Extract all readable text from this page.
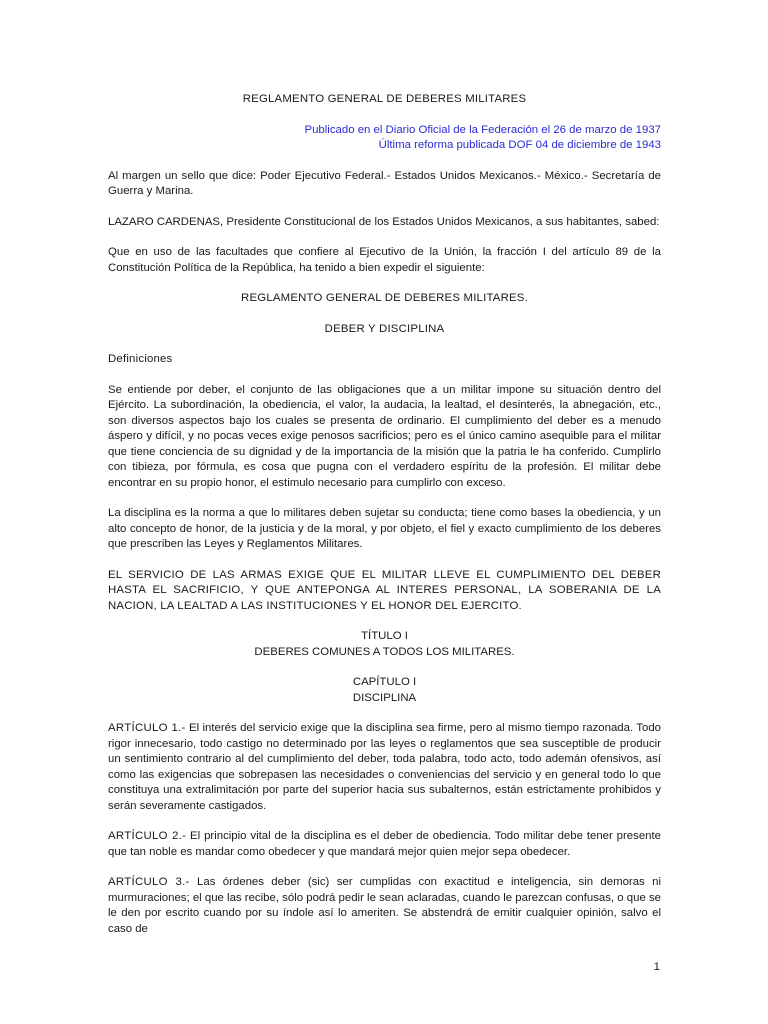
REGLAMENTO GENERAL DE DEBERES MILITARES

Publicado en el Diario Oficial de la Federación el 26 de marzo de 1937

Última reforma publicada DOF 04 de diciembre de 1943

Al margen un sello que dice: Poder Ejecutivo Federal.- Estados Unidos Mexicanos.- México.- Secretaría de Guerra y Marina.

LAZARO CARDENAS, Presidente Constitucional de los Estados Unidos Mexicanos, a sus habitantes, sabed:

Que en uso de las facultades que confiere al Ejecutivo de la Unión, la fracción I del artículo 89 de la Constitución Política de la República, ha tenido a bien expedir el siguiente:

REGLAMENTO GENERAL DE DEBERES MILITARES.

DEBER Y DISCIPLINA

Definiciones

Se entiende por deber, el conjunto de las obligaciones que a un militar impone su situación dentro del Ejército. La subordinación, la obediencia, el valor, la audacia, la lealtad, el desinterés, la abnegación, etc., son diversos aspectos bajo los cuales se presenta de ordinario. El cumplimiento del deber es a menudo áspero y difícil, y no pocas veces exige penosos sacrificios; pero es el único camino asequible para el militar que tiene conciencia de su dignidad y de la importancia de la misión que la patria le ha conferido. Cumplirlo con tibieza, por fórmula, es cosa que pugna con el verdadero espíritu de la profesión. El militar debe encontrar en su propio honor, el estimulo necesario para cumplirlo con exceso.

La disciplina es la norma a que lo militares deben sujetar su conducta; tiene como bases la obediencia, y un alto concepto de honor, de la justicia y de la moral, y por objeto, el fiel y exacto cumplimiento de los deberes que prescriben las Leyes y Reglamentos Militares.

EL SERVICIO DE LAS ARMAS EXIGE QUE EL MILITAR LLEVE EL CUMPLIMIENTO DEL DEBER HASTA EL SACRIFICIO, Y QUE ANTEPONGA AL INTERES PERSONAL, LA SOBERANIA DE LA NACION, LA LEALTAD A LAS INSTITUCIONES Y EL HONOR DEL EJERCITO.

TÍTULO I

DEBERES COMUNES A TODOS LOS MILITARES.

CAPÍTULO I

DISCIPLINA

ARTÍCULO 1.- El interés del servicio exige que la disciplina sea firme, pero al mismo tiempo razonada. Todo rigor innecesario, todo castigo no determinado por las leyes o reglamentos que sea susceptible de producir un sentimiento contrario al del cumplimiento del deber, toda palabra, todo acto, todo ademán ofensivos, así como las exigencias que sobrepasen las necesidades o conveniencias del servicio y en general todo lo que constituya una extralimitación por parte del superior hacia sus subalternos, están estrictamente prohibidos y serán severamente castigados.

ARTÍCULO 2.- El principio vital de la disciplina es el deber de obediencia. Todo militar debe tener presente que tan noble es mandar como obedecer y que mandará mejor quien mejor sepa obedecer.

ARTÍCULO 3.- Las órdenes deber (sic) ser cumplidas con exactitud e inteligencia, sin demoras ni murmuraciones; el que las recibe, sólo podrá pedir le sean aclaradas, cuando le parezcan confusas, o que se le den por escrito cuando por su índole así lo ameriten. Se abstendrá de emitir cualquier opinión, salvo el caso de

1
